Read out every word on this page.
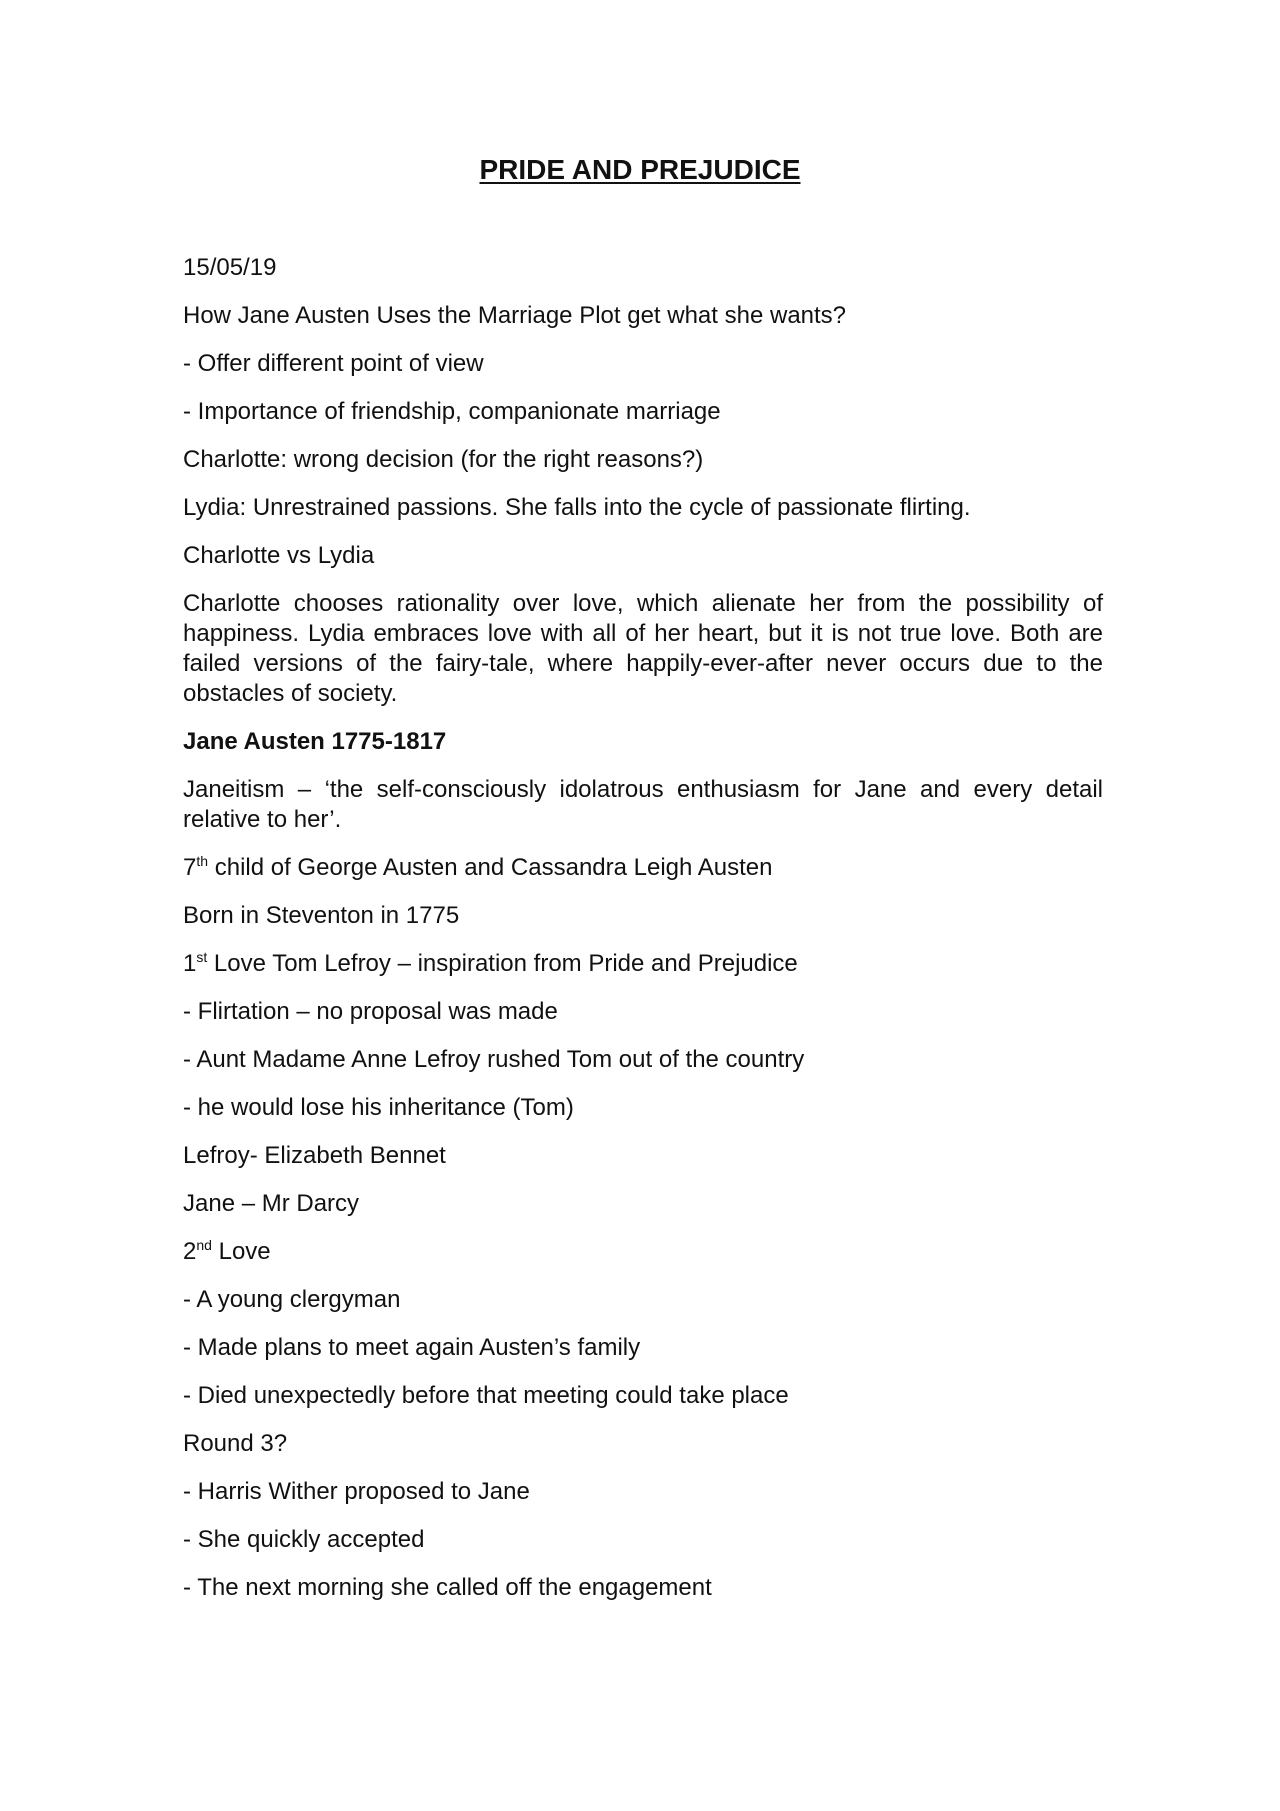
PRIDE AND PREJUDICE

15/05/19

How Jane Austen Uses the Marriage Plot get what she wants?

- Offer different point of view

- Importance of friendship, companionate marriage

Charlotte: wrong decision (for the right reasons?)

Lydia: Unrestrained passions. She falls into the cycle of passionate flirting.

Charlotte vs Lydia

Charlotte chooses rationality over love, which alienate her from the possibility of happiness. Lydia embraces love with all of her heart, but it is not true love. Both are failed versions of the fairy-tale, where happily-ever-after never occurs due to the obstacles of society.

Jane Austen 1775-1817

Janeitism – ‘the self-consciously idolatrous enthusiasm for Jane and every detail relative to her’.

7th child of George Austen and Cassandra Leigh Austen

Born in Steventon in 1775

1st Love Tom Lefroy – inspiration from Pride and Prejudice

- Flirtation – no proposal was made

- Aunt Madame Anne Lefroy rushed Tom out of the country

- he would lose his inheritance (Tom)

Lefroy- Elizabeth Bennet

Jane – Mr Darcy

2nd Love

- A young clergyman

- Made plans to meet again Austen’s family

- Died unexpectedly before that meeting could take place

Round 3?

- Harris Wither proposed to Jane

- She quickly accepted

- The next morning she called off the engagement
